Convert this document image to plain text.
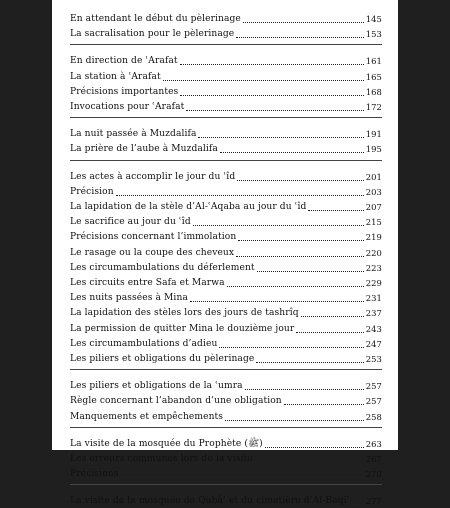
En attendant le début du pèlerinage	145
La sacralisation pour le pèlerinage	153
En direction de ʿArafat	161
La station à ʿArafat	165
Précisions importantes	168
Invocations pour ʿArafat	172
La nuit passée à Muzdalifa	191
La prière de l’aube à Muzdalifa	195
Les actes à accomplir le jour du ʿîd	201
Précision	203
La lapidation de la stèle d’Al-ʿAqaba au jour du ʿîd	207
Le sacrifice au jour du ʿîd	215
Précisions concernant l’immolation	219
Le rasage ou la coupe des cheveux	220
Les circumambulations du déferlement	223
Les circuits entre Safa et Marwa	229
Les nuits passées à Mina	231
La lapidation des stèles lors des jours de tashrîq	237
La permission de quitter Mina le douzième jour	243
Les circumambulations d’adieu	247
Les piliers et obligations du pèlerinage	253
Les piliers et obligations de la ʿumra	257
Règle concernant l’abandon d’une obligation	257
Manquements et empêchements	258
La visite de la mosquée du Prophète (ﷺ)	263
Les erreurs communes lors de la visite	267
Précisions	270
La visite de la mosquée de Qubâ’ et du cimetière d’Al-Baqîʿ 277
